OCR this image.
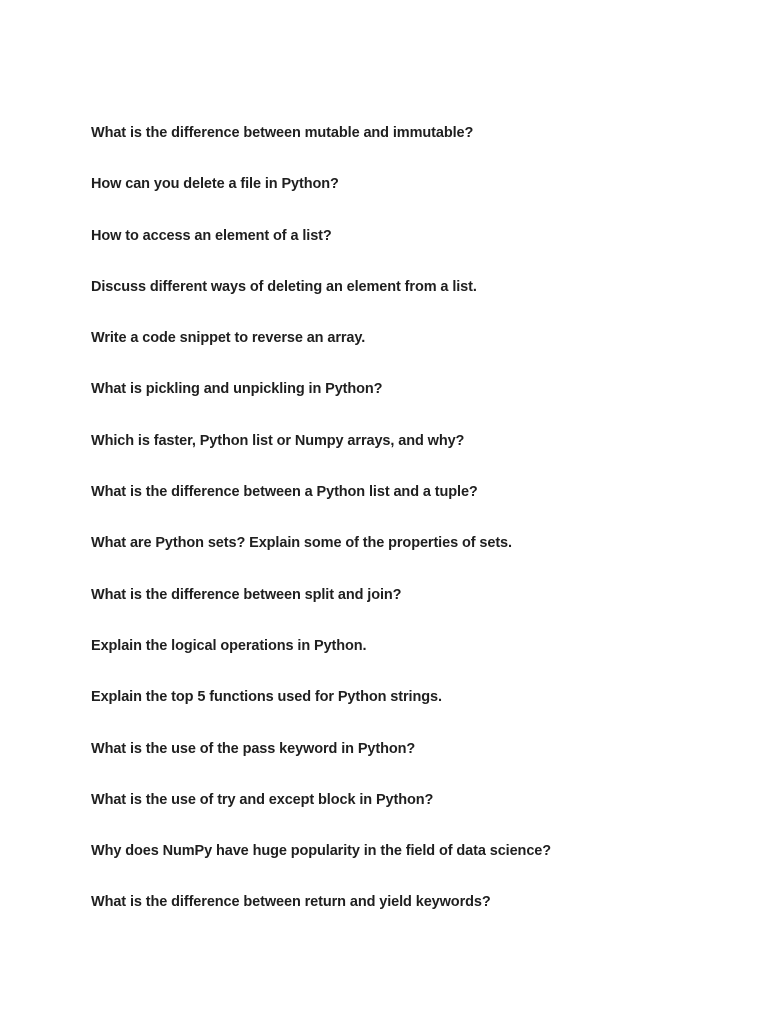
What is the difference between mutable and immutable?
How can you delete a file in Python?
How to access an element of a list?
Discuss different ways of deleting an element from a list.
Write a code snippet to reverse an array.
What is pickling and unpickling in Python?
Which is faster, Python list or Numpy arrays, and why?
What is the difference between a Python list and a tuple?
What are Python sets? Explain some of the properties of sets.
What is the difference between split and join?
Explain the logical operations in Python.
Explain the top 5 functions used for Python strings.
What is the use of the pass keyword in Python?
What is the use of try and except block in Python?
Why does NumPy have huge popularity in the field of data science?
What is the difference between return and yield keywords?
